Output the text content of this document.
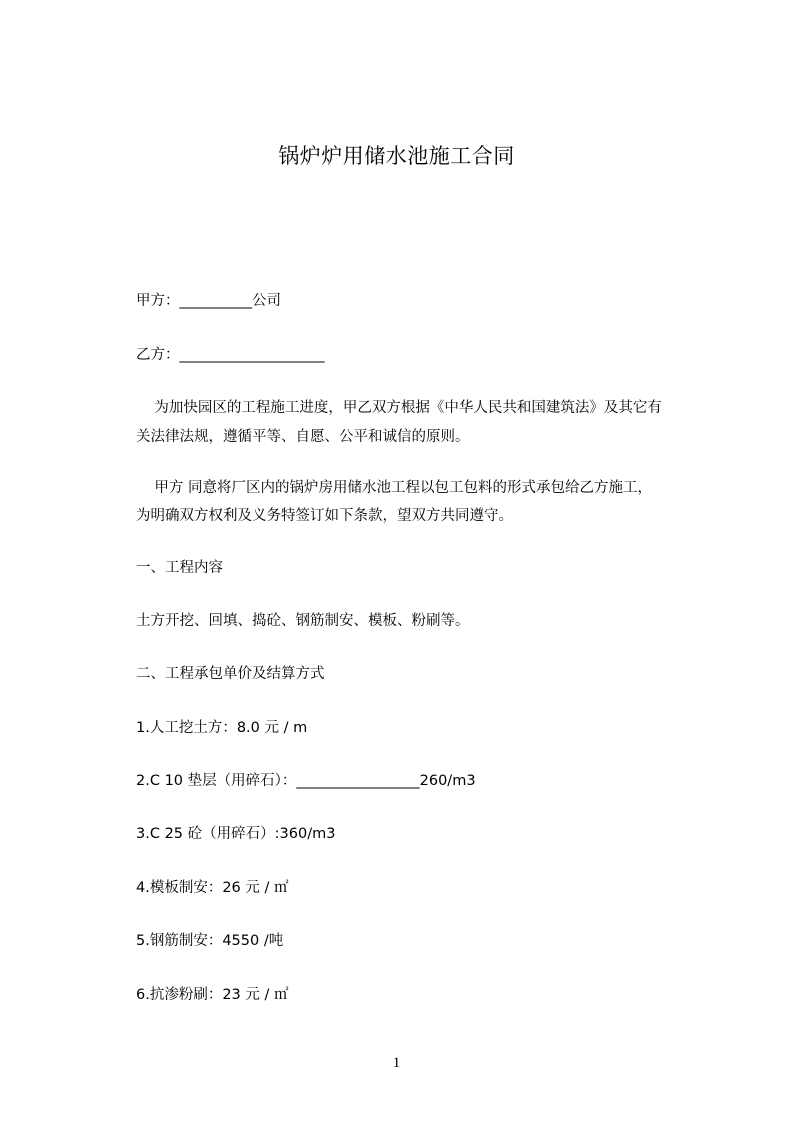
锅炉炉用储水池施工合同
甲方：__________公司
乙方：____________________
为加快园区的工程施工进度，甲乙双方根据《中华人民共和国建筑法》及其它有
关法律法规，遵循平等、自愿、公平和诚信的原则。
甲方 同意将厂区内的锅炉房用储水池工程以包工包料的形式承包给乙方施工，
为明确双方权利及义务特签订如下条款，望双方共同遵守。
一、工程内容
土方开挖、回填、捣砼、钢筋制安、模板、粉刷等。
二、工程承包单价及结算方式
1.人工挖土方：8.0 元 / m
2.C 10 垫层（用碎石）：_________________260/m3
3.C 25 砼（用碎石）:360/m3
4.模板制安：26 元 / ㎡
5.钢筋制安：4550 /吨
6.抗渗粉刷：23 元 / ㎡
1
